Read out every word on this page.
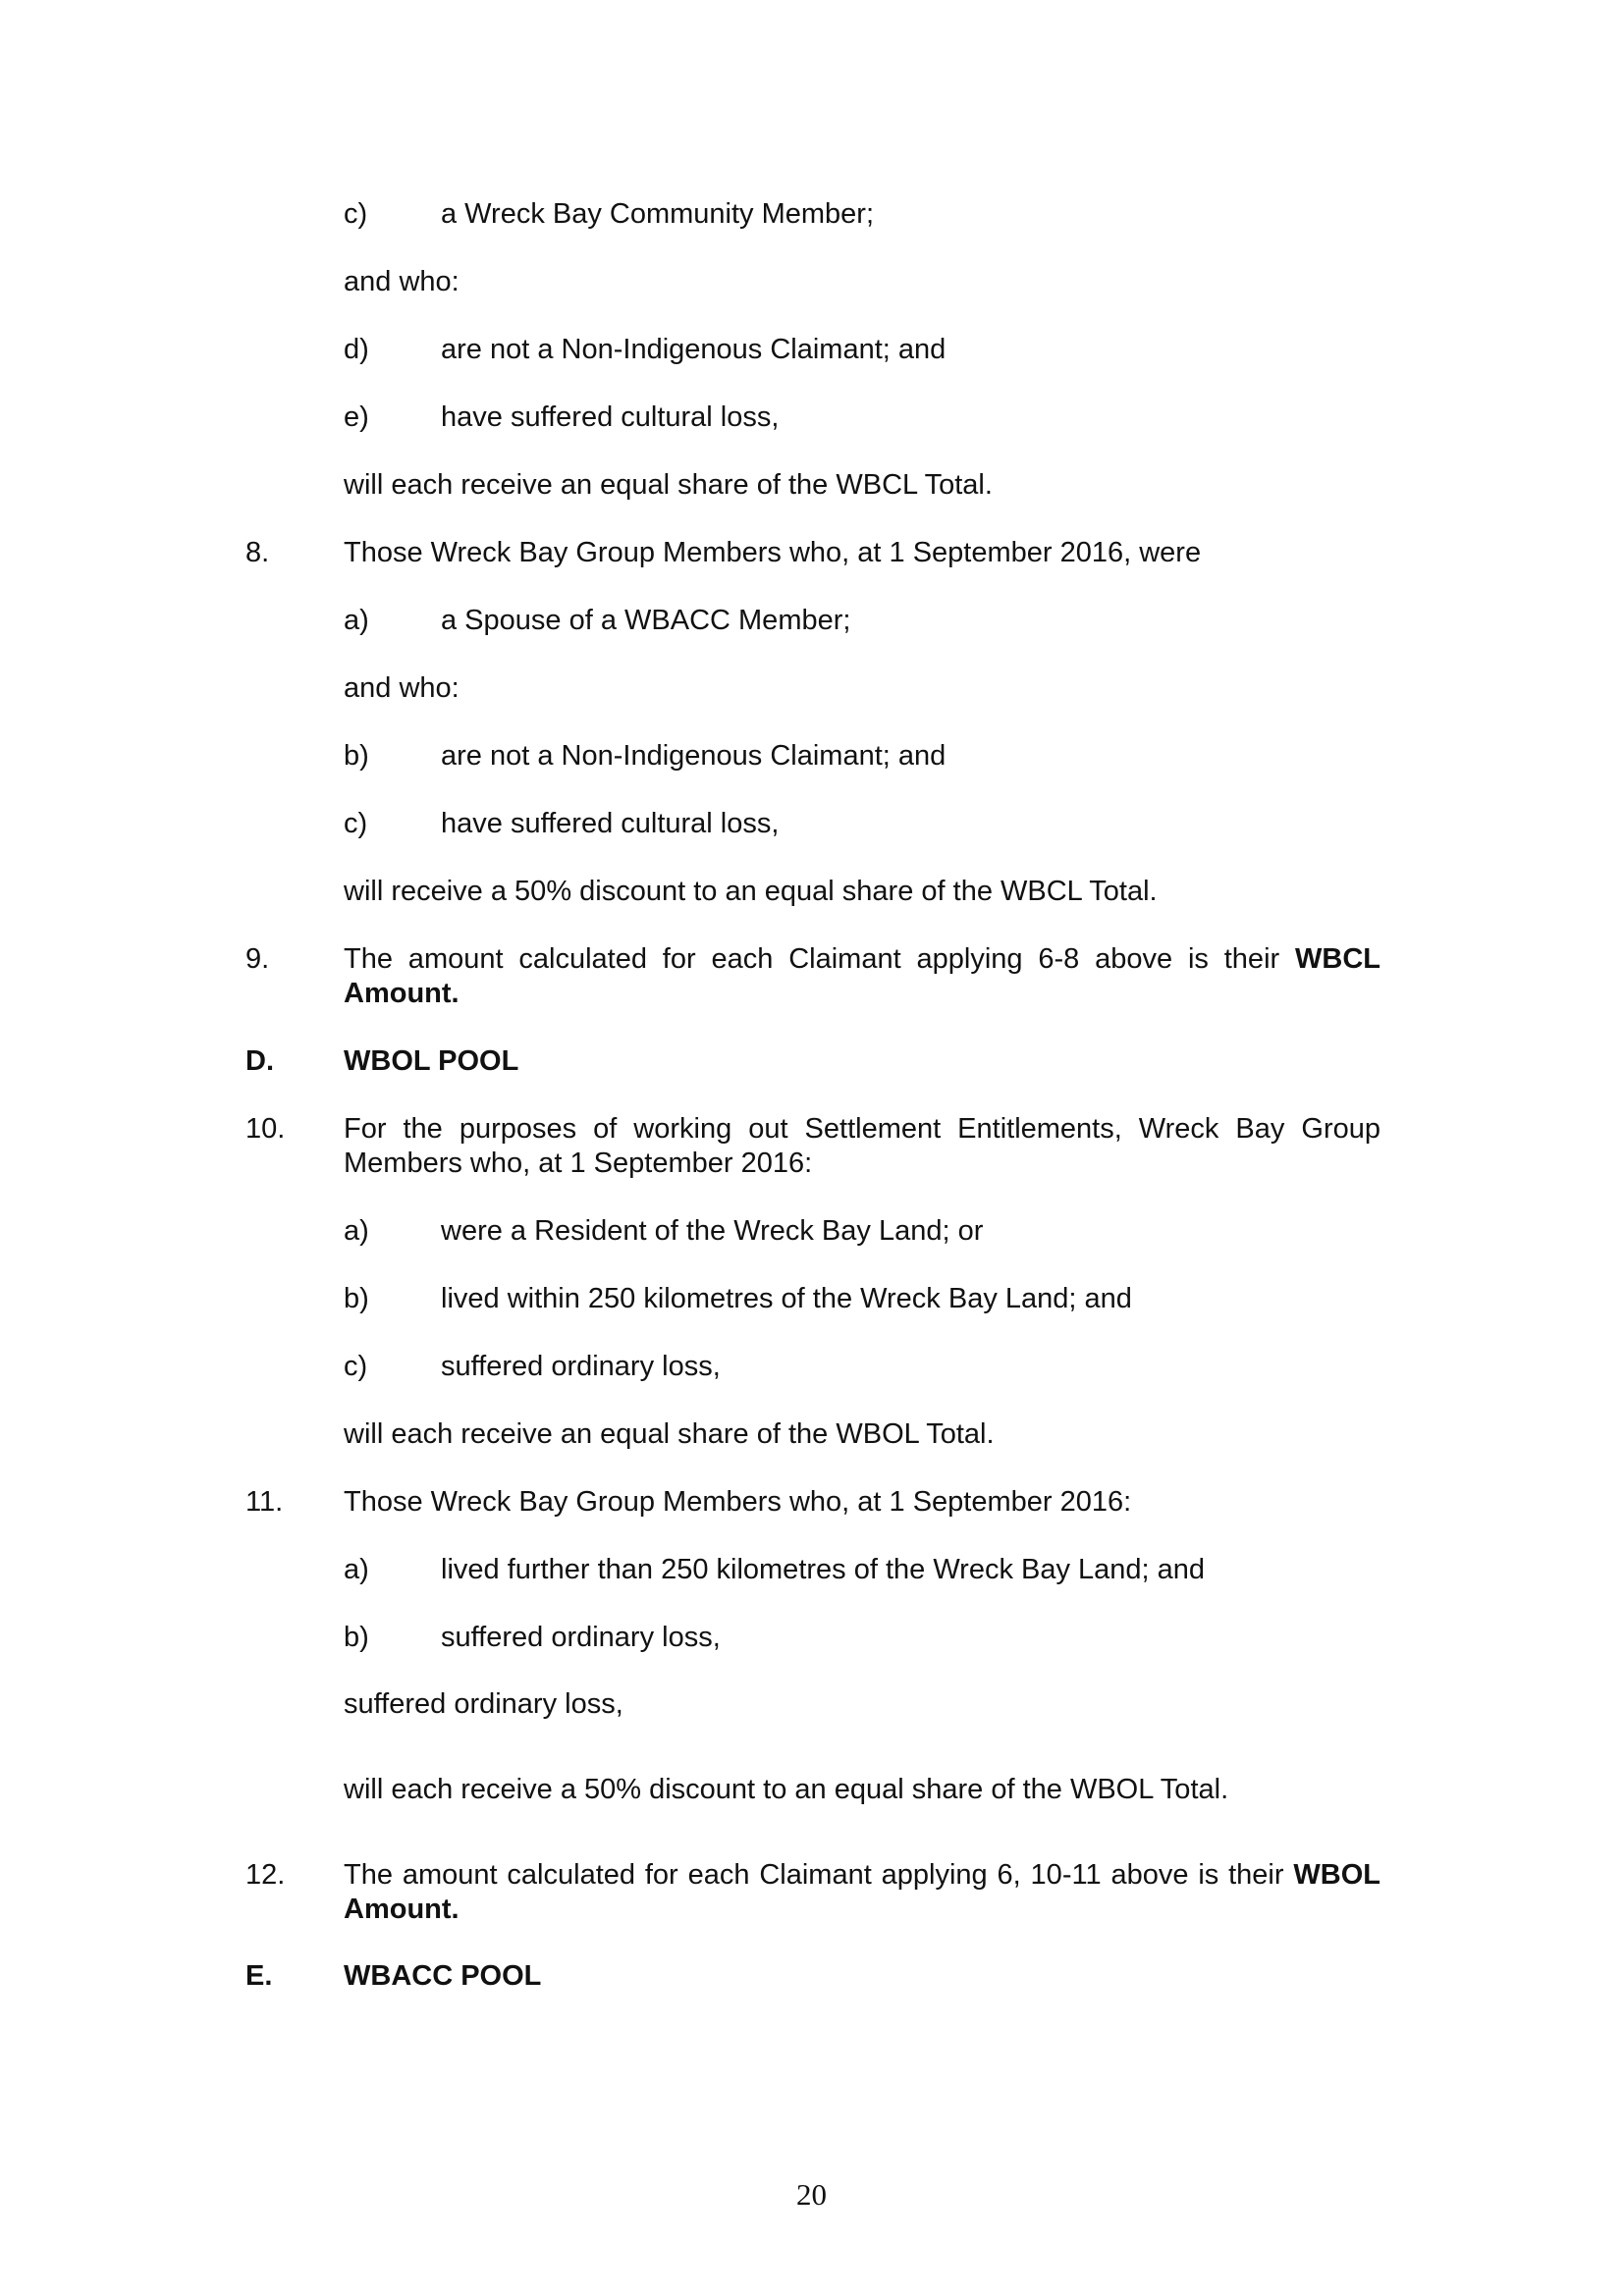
c)	a Wreck Bay Community Member;
and who:
d)	are not a Non-Indigenous Claimant; and
e)	have suffered cultural loss,
will each receive an equal share of the WBCL Total.
8.	Those Wreck Bay Group Members who, at 1 September 2016, were
a)	a Spouse of a WBACC Member;
and who:
b)	are not a Non-Indigenous Claimant; and
c)	have suffered cultural loss,
will receive a 50% discount to an equal share of the WBCL Total.
9.	The amount calculated for each Claimant applying 6-8 above is their WBCL Amount.
D. WBOL POOL
10. For the purposes of working out Settlement Entitlements, Wreck Bay Group Members who, at 1 September 2016:
a)	were a Resident of the Wreck Bay Land; or
b)	lived within 250 kilometres of the Wreck Bay Land; and
c)	suffered ordinary loss,
will each receive an equal share of the WBOL Total.
11. Those Wreck Bay Group Members who, at 1 September 2016:
a)	lived further than 250 kilometres of the Wreck Bay Land; and
b)	suffered ordinary loss,
suffered ordinary loss,
will each receive a 50% discount to an equal share of the WBOL Total.
12. The amount calculated for each Claimant applying 6, 10-11 above is their WBOL Amount.
E.	WBACC POOL
20
